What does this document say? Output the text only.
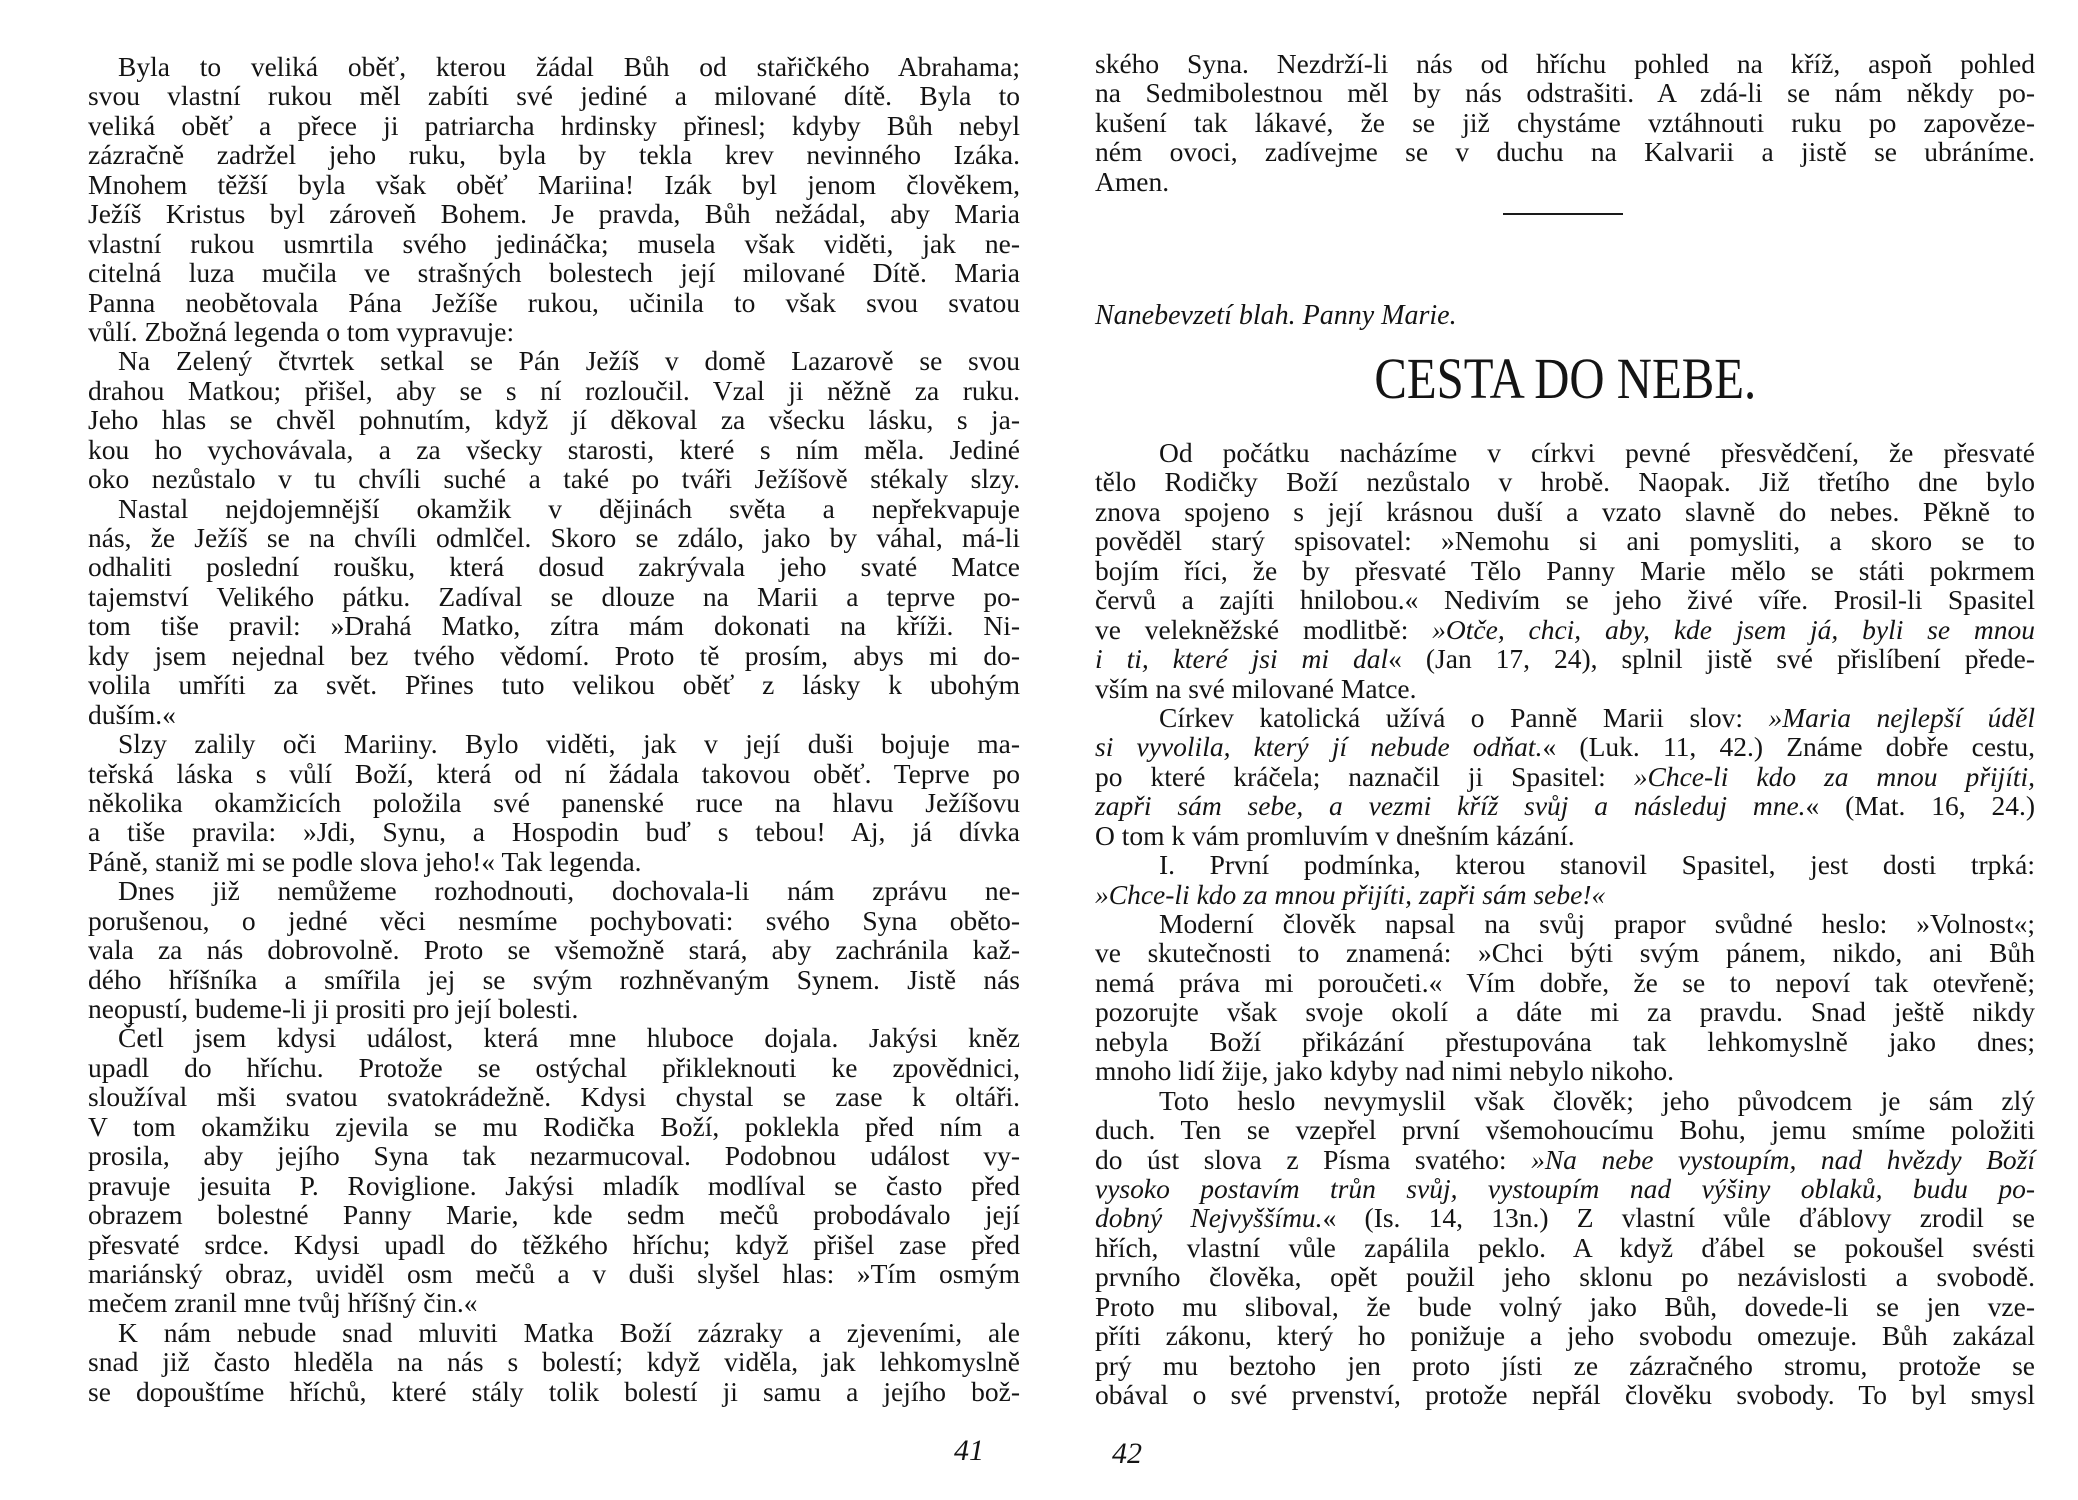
Byla to veliká oběť, kterou žádal Bůh od stařičkého Abrahama;
svou vlastní rukou měl zabíti své jediné a milované dítě. Byla to
veliká oběť a přece ji patriarcha hrdinsky přinesl; kdyby Bůh nebyl
zázračně zadržel jeho ruku, byla by tekla krev nevinného Izáka.
Mnohem těžší byla však oběť Mariina! Izák byl jenom člověkem,
Ježíš Kristus byl zároveň Bohem. Je pravda, Bůh nežádal, aby Maria
vlastní rukou usmrtila svého jedináčka; musela však viděti, jak ne-
citelná luza mučila ve strašných bolestech její milované Dítě. Maria
Panna neobětovala Pána Ježíše rukou, učinila to však svou svatou
vůlí. Zbožná legenda o tom vypravuje:
Na Zelený čtvrtek setkal se Pán Ježíš v domě Lazarově se svou
drahou Matkou; přišel, aby se s ní rozloučil. Vzal ji něžně za ruku.
Jeho hlas se chvěl pohnutím, když jí děkoval za všecku lásku, s ja-
kou ho vychovávala, a za všecky starosti, které s ním měla. Jediné
oko nezůstalo v tu chvíli suché a také po tváři Ježíšově stékaly slzy.
Nastal nejdojemnější okamžik v dějinách světa a nepřekvapuje
nás, že Ježíš se na chvíli odmlčel. Skoro se zdálo, jako by váhal, má-li
odhaliti poslední roušku, která dosud zakrývala jeho svaté Matce
tajemství Velikého pátku. Zadíval se dlouze na Marii a teprve po-
tom tiše pravil: »Drahá Matko, zítra mám dokonati na kříži. Ni-
kdy jsem nejednal bez tvého vědomí. Proto tě prosím, abys mi do-
volila umříti za svět. Přines tuto velikou oběť z lásky k ubohým
duším.«
Slzy zalily oči Mariiny. Bylo viděti, jak v její duši bojuje ma-
teřská láska s vůlí Boží, která od ní žádala takovou oběť. Teprve po
několika okamžicích položila své panenské ruce na hlavu Ježíšovu
a tiše pravila: »Jdi, Synu, a Hospodin buď s tebou! Aj, já dívka
Páně, staniž mi se podle slova jeho!« Tak legenda.
Dnes již nemůžeme rozhodnouti, dochovala-li nám zprávu ne-
porušenou, o jedné věci nesmíme pochybovati: svého Syna oběto-
vala za nás dobrovolně. Proto se všemožně stará, aby zachránila kaž-
dého hříšníka a smířila jej se svým rozhněvaným Synem. Jistě nás
neopustí, budeme-li ji prositi pro její bolesti.
Četl jsem kdysi událost, která mne hluboce dojala. Jakýsi kněz
upadl do hříchu. Protože se ostýchal přikleknouti ke zpovědnici,
sloužíval mši svatou svatokrádežně. Kdysi chystal se zase k oltáři.
V tom okamžiku zjevila se mu Rodička Boží, poklekla před ním a
prosila, aby jejího Syna tak nezarmucoval. Podobnou událost vy-
pravuje jesuita P. Roviglione. Jakýsi mladík modlíval se často před
obrazem bolestné Panny Marie, kde sedm mečů probodávalo její
přesvaté srdce. Kdysi upadl do těžkého hříchu; když přišel zase před
mariánský obraz, uviděl osm mečů a v duši slyšel hlas: »Tím osmým
mečem zranil mne tvůj hříšný čin.«
K nám nebude snad mluviti Matka Boží zázraky a zjeveními, ale
snad již často hleděla na nás s bolestí; když viděla, jak lehkomyslně
se dopouštíme hříchů, které stály tolik bolestí ji samu a jejího bož-
41
ského Syna. Nezdrží-li nás od hříchu pohled na kříž, aspoň pohled
na Sedmibolestnou měl by nás odstrašiti. A zdá-li se nám někdy po-
kušení tak lákavé, že se již chystáme vztáhnouti ruku po zapověze-
ném ovoci, zadívejme se v duchu na Kalvarii a jistě se ubráníme.
Amen.
Nanebevzetí blah. Panny Marie.
CESTA DO NEBE.
Od počátku nacházíme v církvi pevné přesvědčení, že přesvaté
tělo Rodičky Boží nezůstalo v hrobě. Naopak. Již třetího dne bylo
znova spojeno s její krásnou duší a vzato slavně do nebes. Pěkně to
pověděl starý spisovatel: »Nemohu si ani pomysliti, a skoro se to
bojím říci, že by přesvaté Tělo Panny Marie mělo se státi pokrmem
červů a zajíti hnilobou.« Nedivím se jeho živé víře. Prosil-li Spasitel
ve velekněžské modlitbě: »Otče, chci, aby, kde jsem já, byli se mnou
i ti, které jsi mi dal« (Jan 17, 24), splnil jistě své přislíbení přede-
vším na své milované Matce.
Církev katolická užívá o Panně Marii slov: »Maria nejlepší úděl
si vyvolila, který jí nebude odňat.« (Luk. 11, 42.) Známe dobře cestu,
po které kráčela; naznačil ji Spasitel: »Chce-li kdo za mnou přijíti,
zapři sám sebe, a vezmi kříž svůj a následuj mne.« (Mat. 16, 24.)
O tom k vám promluvím v dnešním kázání.
I. První podmínka, kterou stanovil Spasitel, jest dosti trpká:
»Chce-li kdo za mnou přijíti, zapři sám sebe!«
Moderní člověk napsal na svůj prapor svůdné heslo: »Volnost«;
ve skutečnosti to znamená: »Chci býti svým pánem, nikdo, ani Bůh
nemá práva mi poroučeti.« Vím dobře, že se to nepoví tak otevřeně;
pozorujte však svoje okolí a dáte mi za pravdu. Snad ještě nikdy
nebyla Boží přikázání přestupována tak lehkomyslně jako dnes;
mnoho lidí žije, jako kdyby nad nimi nebylo nikoho.
Toto heslo nevymyslil však člověk; jeho původcem je sám zlý
duch. Ten se vzepřel první všemohoucímu Bohu, jemu smíme položiti
do úst slova z Písma svatého: »Na nebe vystoupím, nad hvězdy Boží
vysoko postavím trůn svůj, vystoupím nad výšiny oblaků, budu po-
dobný Nejvyššímu.« (Is. 14, 13n.) Z vlastní vůle ďáblovy zrodil se
hřích, vlastní vůle zapálila peklo. A když ďábel se pokoušel svésti
prvního člověka, opět použil jeho sklonu po nezávislosti a svobodě.
Proto mu sliboval, že bude volný jako Bůh, dovede-li se jen vze-
příti zákonu, který ho ponižuje a jeho svobodu omezuje. Bůh zakázal
prý mu beztoho jen proto jísti ze zázračného stromu, protože se
obával o své prvenství, protože nepřál člověku svobody. To byl smysl
42
